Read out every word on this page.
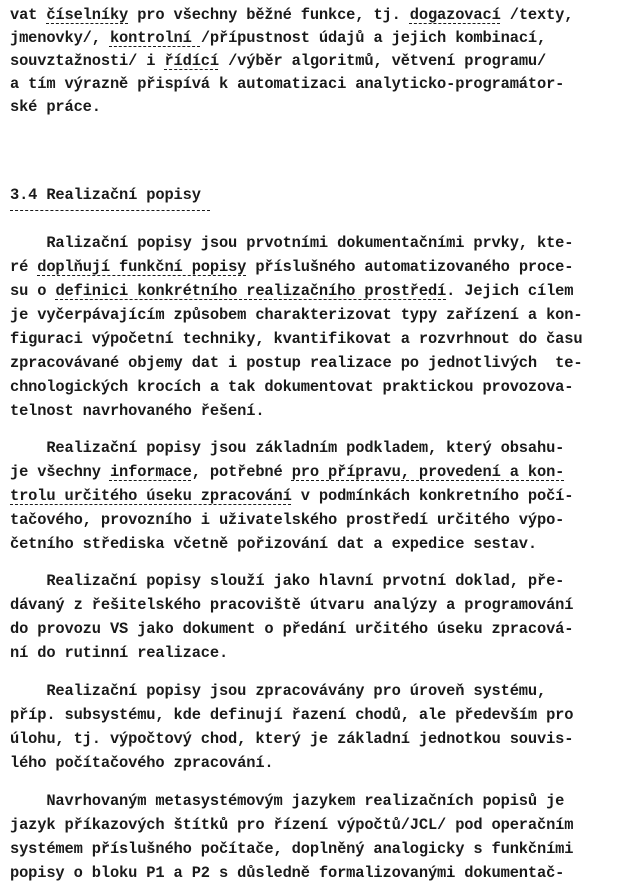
vat číselníky pro všechny běžné funkce, tj. dogazovací /texty,
jmenovky/, kontrolní /přípustnost údajů a jejich kombinací,
souvztažnosti/ i řídící /výběr algoritmů, větvení programu/
a tím výrazně přispívá k automatizaci analyticko-programátor-
ské práce.
3.4 Realizační popisy
Ralizační popisy jsou prvotními dokumentačními prvky, kte-
ré doplňují funkční popisy příslušného automatizovaného proce-
su o definici konkrétního realizačního prostředí. Jejich cílem
je vyčerpávajícím způsobem charakterizovat typy zařízení a kon-
figuraci výpočetní techniky, kvantifikovat a rozvrhnout do času
zpracovávané objemy dat i postup realizace po jednotlivých  te-
chnologických krocích a tak dokumentovat praktickou provozova-
telnost navrhovaného řešení.
Realizační popisy jsou základním podkladem, který obsahu-
je všechny informace, potřebné pro přípravu, provedení a kon-
trolu určitého úseku zpracování v podmínkách konkretního počí-
tačového, provozního i uživatelského prostředí určitého výpo-
četního střediska včetně pořizování dat a expedice sestav.
Realizační popisy slouží jako hlavní prvotní doklad, pře-
dávaný z řešitelského pracoviště útvaru analýzy a programování
do provozu VS jako dokument o předání určitého úseku zpracová-
ní do rutinní realizace.
Realizační popisy jsou zpracovávány pro úroveň systému,
příp. subsystému, kde definují řazení chodů, ale především pro
úlohu, tj. výpočtový chod, který je základní jednotkou souvis-
lého počítačového zpracování.
Navrhovaným metasystémovým jazykem realizačních popisů je
jazyk příkazových štítků pro řízení výpočtů/JCL/ pod operačním
systémem příslušného počítače, doplněný analogicky s funkčními
popisy o bloku P1 a P2 s důsledně formalizovanými dokumentač-
